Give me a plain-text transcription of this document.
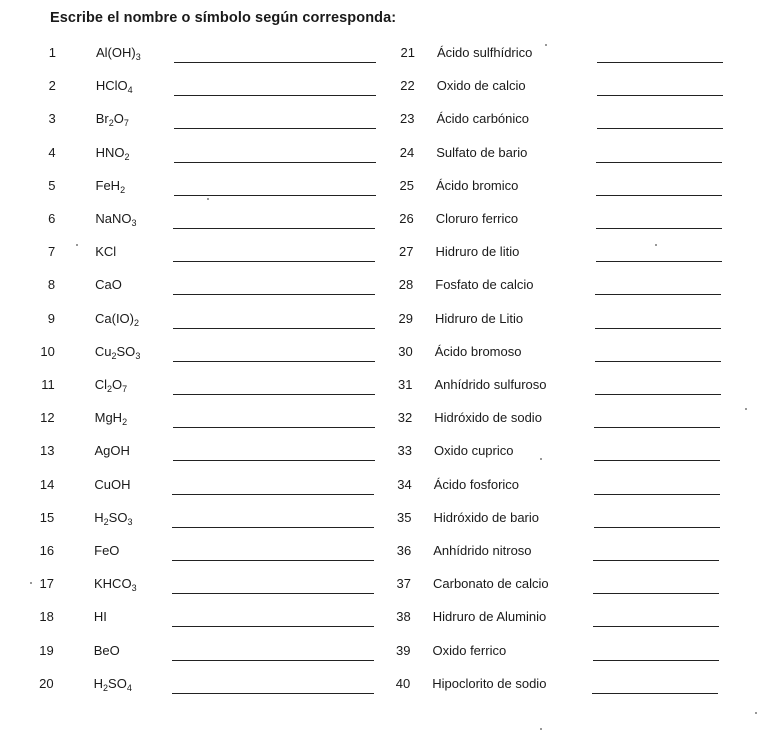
Escribe el nombre o símbolo según corresponda:
1	$Al(OH)_3$
2	HClO$_4$
3	$Br_2O_7$
4	$HNO_2$
5	FeH$_2$
6	NaNO$_3$
7	KCl
8	CaO
9	$Ca(IO)_2$
10	$Cu_2SO_3$
11	$Cl_2O_7$
12	MgH$_2$
13	AgOH
14	CuOH
15	$H_2SO_3$
16	FeO
17	$KHCO_3$
18	HI
19	BeO
20	$H_2SO_4$
21 Ácido sulfhídrico
22 Oxido de calcio
23 Ácido carbónico
24 Sulfato de bario
25 Ácido bromico
26 Cloruro ferrico
27 Hidruro de litio
28 Fosfato de calcio
29 Hidruro de Litio
30 Ácido bromoso
31 Anhídrido sulfuroso
32 Hidróxido de sodio
33 Oxido cuprico
34 Ácido fosforico
35 Hidróxido de bario
36 Anhídrido nitroso
37 Carbonato de calcio
38 Hidruro de Aluminio
39 Oxido ferrico
40 Hipoclorito de sodio
